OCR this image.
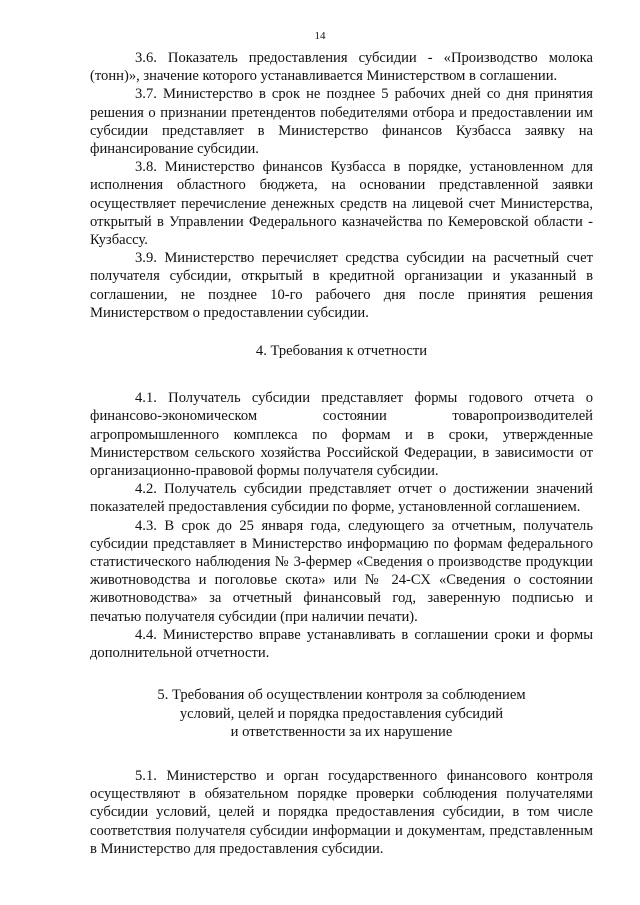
14

3.6. Показатель предоставления субсидии - «Производство молока (тонн)», значение которого устанавливается Министерством в соглашении.

3.7. Министерство в срок не позднее 5 рабочих дней со дня принятия решения о признании претендентов победителями отбора и предоставлении им субсидии представляет в Министерство финансов Кузбасса заявку на финансирование субсидии.

3.8. Министерство финансов Кузбасса в порядке, установленном для исполнения областного бюджета, на основании представленной заявки осуществляет перечисление денежных средств на лицевой счет Министерства, открытый в Управлении Федерального казначейства по Кемеровской области - Кузбассу.

3.9. Министерство перечисляет средства субсидии на расчетный счет получателя субсидии, открытый в кредитной организации и указанный в соглашении, не позднее 10-го рабочего дня после принятия решения Министерством о предоставлении субсидии.

4. Требования к отчетности

4.1. Получатель субсидии представляет формы годового отчета о финансово-экономическом состоянии товаропроизводителей агропромышленного комплекса по формам и в сроки, утвержденные Министерством сельского хозяйства Российской Федерации, в зависимости от организационно-правовой формы получателя субсидии.

4.2. Получатель субсидии представляет отчет о достижении значений показателей предоставления субсидии по форме, установленной соглашением.

4.3. В срок до 25 января года, следующего за отчетным, получатель субсидии представляет в Министерство информацию по формам федерального статистического наблюдения № 3-фермер «Сведения о производстве продукции животноводства и поголовье скота» или № 24-СХ «Сведения о состоянии животноводства» за отчетный финансовый год, заверенную подписью и печатью получателя субсидии (при наличии печати).

4.4. Министерство вправе устанавливать в соглашении сроки и формы дополнительной отчетности.

5. Требования об осуществлении контроля за соблюдением
условий, целей и порядка предоставления субсидий
и ответственности за их нарушение

5.1. Министерство и орган государственного финансового контроля осуществляют в обязательном порядке проверки соблюдения получателями субсидии условий, целей и порядка предоставления субсидии, в том числе соответствия получателя субсидии информации и документам, представленным в Министерство для предоставления субсидии.
